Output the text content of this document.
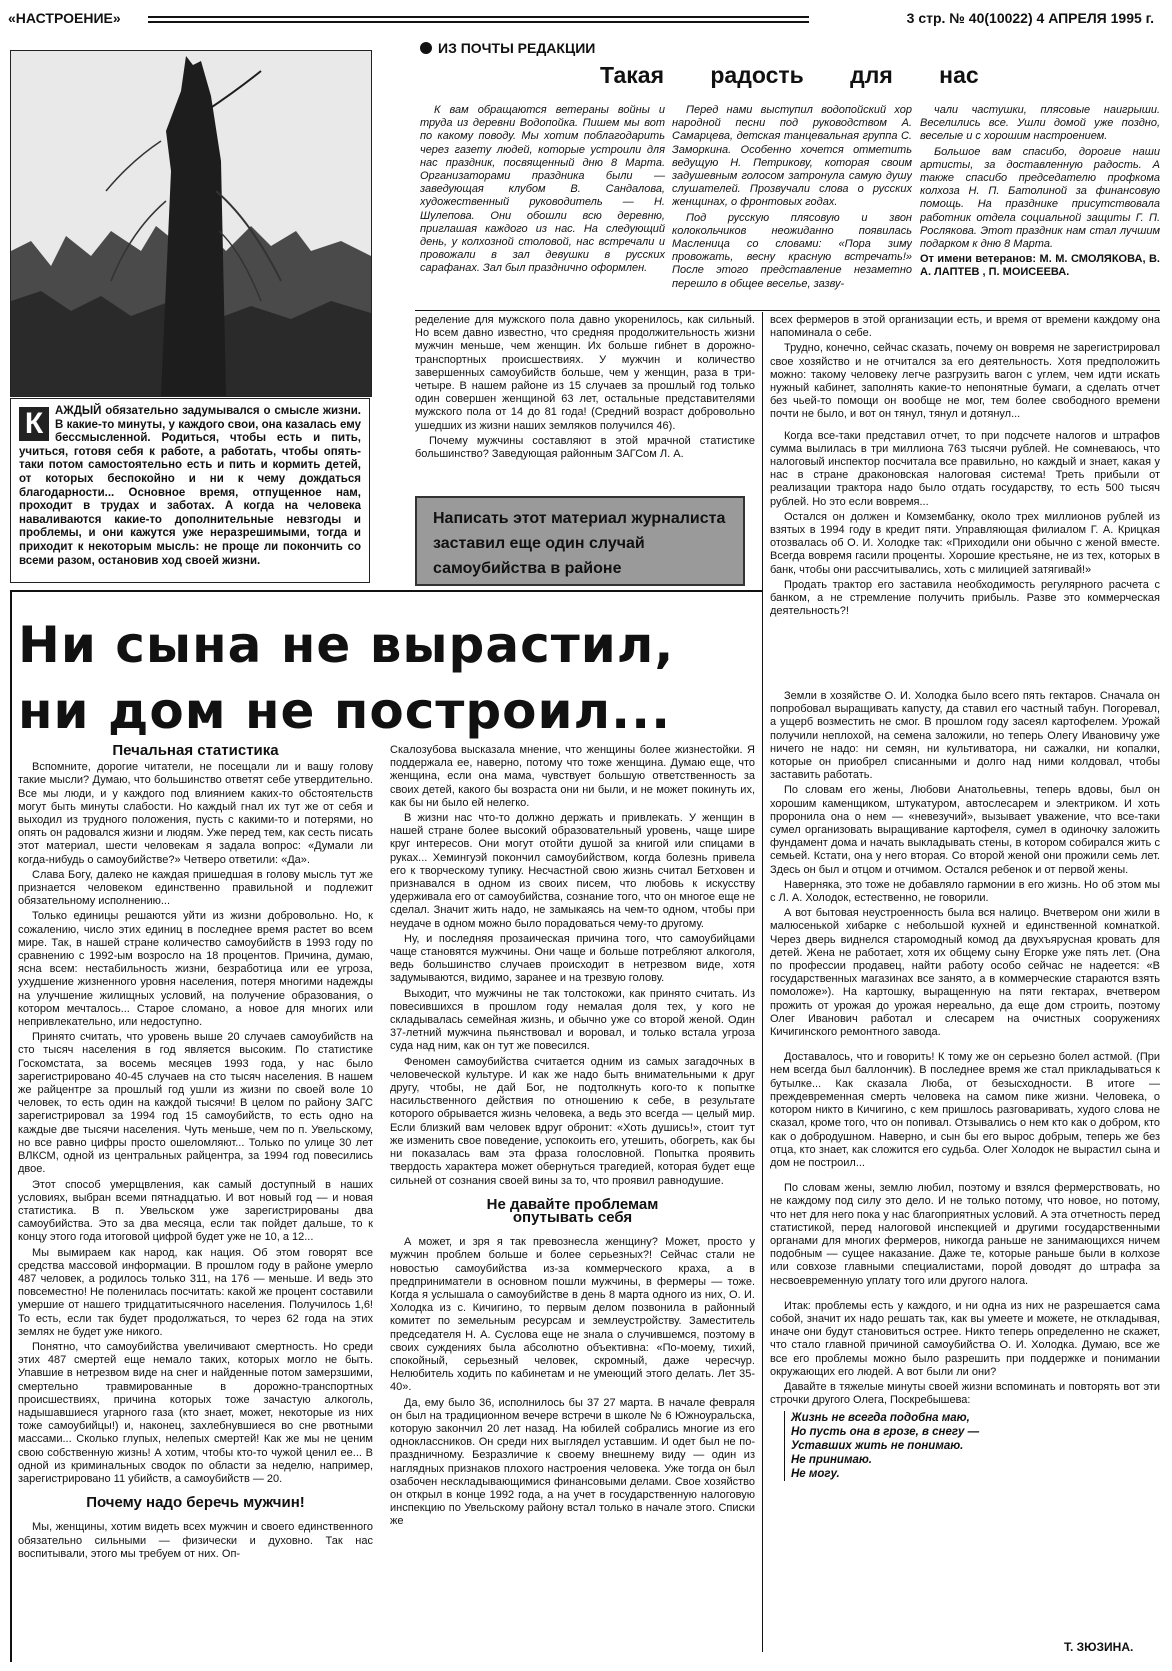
«НАСТРОЕНИЕ»	3 стр. № 40(10022) 4 АПРЕЛЯ 1995 г.
К	АЖДЫЙ обязательно задумывался о смысле жизни. В какие-то минуты, у каждого свои, она казалась ему бессмысленной. Родиться, чтобы есть и пить, учиться, готовя себя к работе, а работать, чтобы опять-таки потом самостоятельно есть и пить и кормить детей, от которых беспокойно и ни к чему дождаться благодарности... Основное время, отпущенное нам, проходит в трудах и заботах. А когда на человека наваливаются какие-то дополнительные невзгоды и проблемы, и они кажутся уже неразрешимыми, тогда и приходит к некоторым мысль: не проще ли покончить со всеми разом, остановив ход своей жизни.
ИЗ ПОЧТЫ РЕДАКЦИИ
Такая радость для нас

К вам обращаются ветераны войны и труда из деревни Водопойка. Пишем мы вот по какому поводу. Мы хотим поблагодарить через газету людей, которые устроили для нас праздник, посвященный дню 8 Марта. Организаторами праздника были — заведующая клубом В. Сандалова, художественный руководитель — Н. Шулепова. Они обошли всю деревню, приглашая каждого из нас. На следующий день, у колхозной столовой, нас встречали и провожали в зал девушки в русских сарафанах. Зал был празднично оформлен.

Перед нами выступил водопойский хор народной песни под руководством А. Самарцева, детская танцевальная группа С. Заморкина. Особенно хочется отметить ведущую Н. Петрикову, которая своим задушевным голосом затронула самую душу слушателей. Прозвучали слова о русских женщинах, о фронтовых годах.

Под русскую плясовую и звон колокольчиков неожиданно появилась Масленица со словами: «Пора зиму провожать, весну красную встречать!» После этого представление незаметно перешло в общее веселье, зазву-

чали частушки, плясовые наигрыши. Веселились все. Ушли домой уже поздно, веселые и с хорошим настроением.

Большое вам спасибо, дорогие наши артисты, за доставленную радость. А также спасибо председателю профкома колхоза Н. П. Батолиной за финансовую помощь. На празднике присутствовала работник отдела социальной защиты Г. П. Рослякова. Этот праздник нам стал лучшим подарком к дню 8 Марта.

От имени ветеранов: М. М. СМОЛЯКОВА, В. А. ЛАПТЕВ , П. МОИСЕЕВА.

ределение для мужского пола давно укоренилось, как сильный. Но всем давно известно, что средняя продолжительность жизни мужчин меньше, чем женщин. Их больше гибнет в дорожно-транспортных происшествиях. У мужчин и количество завершенных самоубийств больше, чем у женщин, раза в три-четыре. В нашем районе из 15 случаев за прошлый год только один совершен женщиной 63 лет, остальные представителями мужского пола от 14 до 81 года! (Средний возраст добровольно ушедших из жизни наших земляков получился 46).

Почему мужчины составляют в этой мрачной статистике большинство? Заведующая районным ЗАГСом Л. А.

Написать этот материал журналиста заставил еще один случай самоубийства в районе

всех фермеров в этой организации есть, и время от времени каждому она напоминала о себе.

Трудно, конечно, сейчас сказать, почему он вовремя не зарегистрировал свое хозяйство и не отчитался за его деятельность. Хотя предположить можно: такому человеку легче разгрузить вагон с углем, чем идти искать нужный кабинет, заполнять какие-то непонятные бумаги, а сделать отчет без чьей-то помощи он вообще не мог, тем более свободного времени почти не было, и вот он тянул, тянул и дотянул...

Когда все-таки представил отчет, то при подсчете налогов и штрафов сумма вылилась в три миллиона 763 тысячи рублей. Не сомневаюсь, что налоговый инспектор посчитала все правильно, но каждый и знает, какая у нас в стране драконовская налоговая система! Треть прибыли от реализации трактора надо было отдать государству, то есть 500 тысяч рублей. Но это если вовремя...

Остался он должен и Комзембанку, около трех миллионов рублей из взятых в 1994 году в кредит пяти. Управляющая филиалом Г. А. Крицкая отозвалась об О. И. Холодке так: «Приходили они обычно с женой вместе. Всегда вовремя гасили проценты. Хорошие крестьяне, не из тех, которых в банк, чтобы они рассчитывались, хоть с милицией затягивай!»

Продать трактор его заставила необходимость регулярного расчета с банком, а не стремление получить прибыль. Разве это коммерческая деятельность?!

Ни сына не вырастил,
ни дом не построил...
Печальная статистика

Вспомните, дорогие читатели, не посещали ли и вашу голову такие мысли? Думаю, что большинство ответят себе утвердительно. Все мы люди, и у каждого под влиянием каких-то обстоятельств могут быть минуты слабости. Но каждый гнал их тут же от себя и выходил из трудного положения, пусть с какими-то и потерями, но опять он радовался жизни и людям. Уже перед тем, как сесть писать этот материал, шести человекам я задала вопрос: «Думали ли когда-нибудь о самоубийстве?» Четверо ответили: «Да».

Слава Богу, далеко не каждая пришедшая в голову мысль тут же признается человеком единственно правильной и подлежит обязательному исполнению...

Только единицы решаются уйти из жизни добровольно. Но, к сожалению, число этих единиц в последнее время растет во всем мире. Так, в нашей стране количество самоубийств в 1993 году по сравнению с 1992-ым возросло на 18 процентов. Причина, думаю, ясна всем: нестабильность жизни, безработица или ее угроза, ухудшение жизненного уровня населения, потеря многими надежды на улучшение жилищных условий, на получение образования, о котором мечталось... Старое сломано, а новое для многих или непривлекательно, или недоступно.

Принято считать, что уровень выше 20 случаев самоубийств на сто тысяч населения в год является высоким. По статистике Госкомстата, за восемь месяцев 1993 года, у нас было зарегистрировано 40-45 случаев на сто тысяч населения. В нашем же райцентре за прошлый год ушли из жизни по своей воле 10 человек, то есть один на каждой тысячи! В целом по району ЗАГС зарегистрировал за 1994 год 15 самоубийств, то есть одно на каждые две тысячи населения. Чуть меньше, чем по п. Увельскому, но все равно цифры просто ошеломляют... Только по улице 30 лет ВЛКСМ, одной из центральных райцентра, за 1994 год повесились двое.

Этот способ умерщвления, как самый доступный в наших условиях, выбран всеми пятнадцатью. И вот новый год — и новая статистика. В п. Увельском уже зарегистрированы два самоубийства. Это за два месяца, если так пойдет дальше, то к концу этого года итоговой цифрой будет уже не 10, а 12...

Мы вымираем как народ, как нация. Об этом говорят все средства массовой информации. В прошлом году в районе умерло 487 человек, а родилось только 311, на 176 — меньше. И ведь это повсеместно! Не поленилась посчитать: какой же процент составили умершие от нашего тридцатитысячного населения. Получилось 1,6! То есть, если так будет продолжаться, то через 62 года на этих землях не будет уже никого.

Понятно, что самоубийства увеличивают смертность. Но среди этих 487 смертей еще немало таких, которых могло не быть. Упавшие в нетрезвом виде на снег и найденные потом замерзшими, смертельно травмированные в дорожно-транспортных происшествиях, причина которых тоже зачастую алкоголь, надышавшиеся угарного газа (кто знает, может, некоторые из них тоже самоубийцы!) и, наконец, захлебнувшиеся во сне рвотными массами... Сколько глупых, нелепых смертей! Как же мы не ценим свою собственную жизнь! А хотим, чтобы кто-то чужой ценил ее... В одной из криминальных сводок по области за неделю, например, зарегистрировано 11 убийств, а самоубийств — 20.

Почему надо беречь мужчин!

Мы, женщины, хотим видеть всех мужчин и своего единственного обязательно сильными — физически и духовно. Так нас воспитывали, этого мы требуем от них. Оп-

Скалозубова высказала мнение, что женщины более жизнестойки. Я поддержала ее, наверно, потому что тоже женщина. Думаю еще, что женщина, если она мама, чувствует большую ответственность за своих детей, какого бы возраста они ни были, и не может покинуть их, как бы ни было ей нелегко.

В жизни нас что-то должно держать и привлекать. У женщин в нашей стране более высокий образовательный уровень, чаще шире круг интересов. Они могут отойти душой за книгой или спицами в руках... Хемингуэй покончил самоубийством, когда болезнь привела его к творческому тупику. Несчастной свою жизнь считал Бетховен и признавался в одном из своих писем, что любовь к искусству удерживала его от самоубийства, сознание того, что он многое еще не сделал. Значит жить надо, не замыкаясь на чем-то одном, чтобы при неудаче в одном можно было порадоваться чему-то другому.

Ну, и последняя прозаическая причина того, что самоубийцами чаще становятся мужчины. Они чаще и больше потребляют алкоголя, ведь большинство случаев происходит в нетрезвом виде, хотя задумываются, видимо, заранее и на трезвую голову.

Выходит, что мужчины не так толстокожи, как принято считать. Из повесившихся в прошлом году немалая доля тех, у кого не складывалась семейная жизнь, и обычно уже со второй женой. Один 37-летний мужчина пьянствовал и воровал, и только встала угроза суда над ним, как он тут же повесился.

Феномен самоубийства считается одним из самых загадочных в человеческой культуре. И как же надо быть внимательными к друг другу, чтобы, не дай Бог, не подтолкнуть кого-то к попытке насильственного действия по отношению к себе, в результате которого обрывается жизнь человека, а ведь это всегда — целый мир. Если близкий вам человек вдруг обронит: «Хоть душись!», стоит тут же изменить свое поведение, успокоить его, утешить, обогреть, как бы ни показалась вам эта фраза голословной. Попытка проявить твердость характера может обернуться трагедией, которая будет еще сильней от сознания своей вины за то, что проявил равнодушие.

Не давайте проблемам опутывать себя

А может, и зря я так превознесла женщину? Может, просто у мужчин проблем больше и более серьезных?! Сейчас стали не новостью самоубийства из-за коммерческого краха, а в предприниматели в основном пошли мужчины, в фермеры — тоже. Когда я услышала о самоубийстве в день 8 марта одного из них, О. И. Холодка из с. Кичигино, то первым делом позвонила в районный комитет по земельным ресурсам и землеустройству. Заместитель председателя Н. А. Суслова еще не знала о случившемся, поэтому в своих суждениях была абсолютно объективна: «По-моему, тихий, спокойный, серьезный человек, скромный, даже чересчур. Нелюбитель ходить по кабинетам и не умеющий этого делать. Лет 35-40».

Да, ему было 36, исполнилось бы 37 27 марта. В начале февраля он был на традиционном вечере встречи в школе № 6 Южноуральска, которую закончил 20 лет назад. На юбилей собрались многие из его одноклассников. Он среди них выглядел уставшим. И одет был не по-праздничному. Безразличие к своему внешнему виду — один из наглядных признаков плохого настроения человека. Уже тогда он был озабочен нескладывающимися финансовыми делами. Свое хозяйство он открыл в конце 1992 года, а на учет в государственную налоговую инспекцию по Увельскому району встал только в начале этого. Списки же

Земли в хозяйстве О. И. Холодка было всего пять гектаров. Сначала он попробовал выращивать капусту, да ставил его частный табун. Погоревал, а ущерб возместить не смог. В прошлом году засеял картофелем. Урожай получили неплохой, на семена заложили, но теперь Олегу Ивановичу уже ничего не надо: ни семян, ни культиватора, ни сажалки, ни копалки, которые он приобрел списанными и долго над ними колдовал, чтобы заставить работать.

По словам его жены, Любови Анатольевны, теперь вдовы, был он хорошим каменщиком, штукатуром, автослесарем и электриком. И хоть проронила она о нем — «невезучий», вызывает уважение, что все-таки сумел организовать выращивание картофеля, сумел в одиночку заложить фундамент дома и начать выкладывать стены, в котором собирался жить с семьей. Кстати, она у него вторая. Со второй женой они прожили семь лет. Здесь он был и отцом и отчимом. Остался ребенок и от первой жены.

Наверняка, это тоже не добавляло гармонии в его жизнь. Но об этом мы с Л. А. Холодок, естественно, не говорили.

А вот бытовая неустроенность была вся налицо. Вчетвером они жили в малюсенькой хибарке с небольшой кухней и единственной комнаткой. Через дверь виднелся старомодный комод да двухъярусная кровать для детей. Жена не работает, хотя их общему сыну Егорке уже пять лет. (Она по профессии продавец, найти работу особо сейчас не надеется: «В государственных магазинах все занято, а в коммерческие стараются взять помоложе»). На картошку, выращенную на пяти гектарах, вчетвером прожить от урожая до урожая нереально, да еще дом строить, поэтому Олег Иванович работал и слесарем на очистных сооружениях Кичигинского ремонтного завода.

Доставалось, что и говорить! К тому же он серьезно болел астмой. (При нем всегда был баллончик). В последнее время же стал прикладываться к бутылке... Как сказала Люба, от безысходности. В итоге — преждевременная смерть человека на самом пике жизни. Человека, о котором никто в Кичигино, с кем пришлось разговаривать, худого слова не сказал, кроме того, что он попивал. Отзывались о нем кто как о добром, кто как о добродушном. Наверно, и сын бы его вырос добрым, теперь же без отца, кто знает, как сложится его судьба. Олег Холодок не вырастил сына и дом не построил...

По словам жены, землю любил, поэтому и взялся фермерствовать, но не каждому под силу это дело. И не только потому, что новое, но потому, что нет для него пока у нас благоприятных условий. А эта отчетность перед статистикой, перед налоговой инспекцией и другими государственными органами для многих фермеров, никогда раньше не занимающихся ничем подобным — сущее наказание. Даже те, которые раньше были в колхозе или совхозе главными специалистами, порой доводят до штрафа за несвоевременную уплату того или другого налога.

Итак: проблемы есть у каждого, и ни одна из них не разрешается сама собой, значит их надо решать так, как вы умеете и можете, не откладывая, иначе они будут становиться острее. Никто теперь определенно не скажет, что стало главной причиной самоубийства О. И. Холодка. Думаю, все же все его проблемы можно было разрешить при поддержке и понимании окружающих его людей. А вот были ли они?

Давайте в тяжелые минуты своей жизни вспоминать и повторять вот эти строчки другого Олега, Поскребышева:

Жизнь не всегда подобна маю,
Но пусть она в грозе, в снегу —
Уставших жить не понимаю.
Не принимаю.
Не могу.
Т. ЗЮЗИНА.
